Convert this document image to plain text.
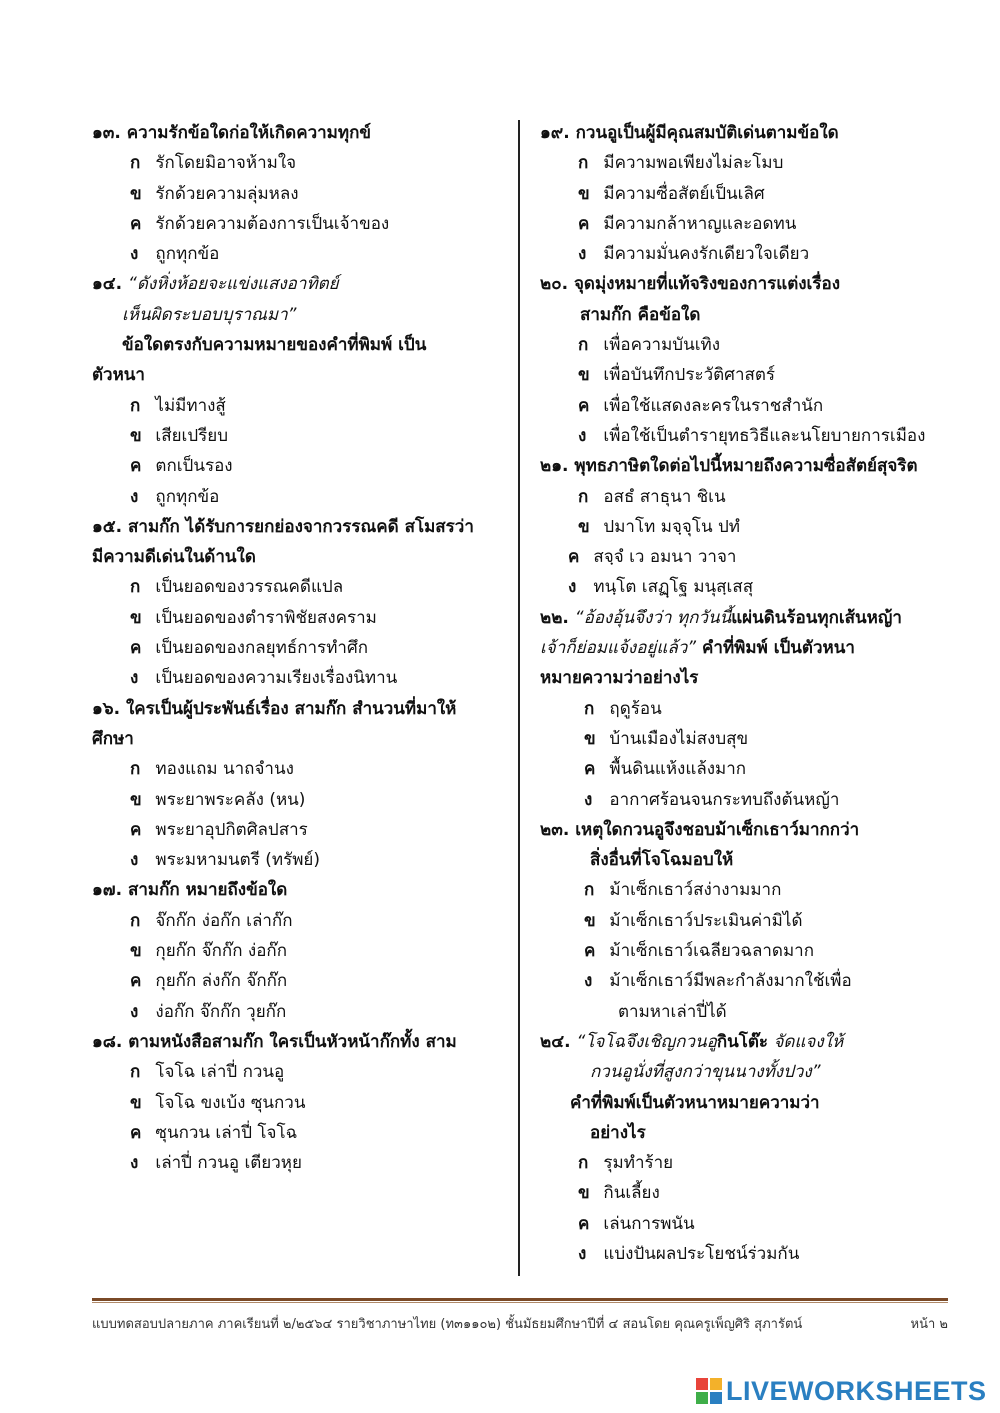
๑๓. ความรักข้อใดก่อให้เกิดความทุกข์
ก รักโดยมิอาจห้ามใจ
ข รักด้วยความลุ่มหลง
ค รักด้วยความต้องการเป็นเจ้าของ
ง ถูกทุกข้อ
๑๔. “ดังหิ่งห้อยจะแข่งแสงอาทิตย์
เห็นผิดระบอบบุราณมา”
ข้อใดตรงกับความหมายของคำที่พิมพ์ เป็น
ตัวหนา
ก ไม่มีทางสู้
ข เสียเปรียบ
ค ตกเป็นรอง
ง ถูกทุกข้อ
๑๕. สามก๊ก ได้รับการยกย่องจากวรรณคดี สโมสรว่า
มีความดีเด่นในด้านใด
ก เป็นยอดของวรรณคดีแปล
ข เป็นยอดของตำราพิชัยสงคราม
ค เป็นยอดของกลยุทธ์การทำศึก
ง เป็นยอดของความเรียงเรื่องนิทาน
๑๖. ใครเป็นผู้ประพันธ์เรื่อง สามก๊ก สำนวนที่มาให้
ศึกษา
ก ทองแถม นาถจำนง
ข พระยาพระคลัง (หน)
ค พระยาอุปกิตศิลปสาร
ง พระมหามนตรี (ทรัพย์)
๑๗. สามก๊ก หมายถึงข้อใด
ก จ๊กก๊ก ง่อก๊ก เล่าก๊ก
ข กุยก๊ก จ๊กก๊ก ง่อก๊ก
ค กุยก๊ก ล่งก๊ก จ๊กก๊ก
ง ง่อก๊ก จ๊กก๊ก วุยก๊ก
๑๘. ตามหนังสือสามก๊ก ใครเป็นหัวหน้าก๊กทั้ง สาม
ก โจโฉ เล่าปี่ กวนอู
ข โจโฉ ขงเบ้ง ซุนกวน
ค ซุนกวน เล่าปี่ โจโฉ
ง เล่าปี่ กวนอู เตียวหุย
๑๙. กวนอูเป็นผู้มีคุณสมบัติเด่นตามข้อใด
ก มีความพอเพียงไม่ละโมบ
ข มีความซื่อสัตย์เป็นเลิศ
ค มีความกล้าหาญและอดทน
ง มีความมั่นคงรักเดียวใจเดียว
๒๐. จุดมุ่งหมายที่แท้จริงของการแต่งเรื่อง
สามก๊ก คือข้อใด
ก เพื่อความบันเทิง
ข เพื่อบันทึกประวัติศาสตร์
ค เพื่อใช้แสดงละครในราชสำนัก
ง เพื่อใช้เป็นตำรายุทธวิธีและนโยบายการเมือง
๒๑. พุทธภาษิตใดต่อไปนี้หมายถึงความซื่อสัตย์สุจริต
ก อสธํ สาธุนา ชิเน
ข ปมาโท มจฺจุโน ปทํ
ค สจฺจํ เว อมนา วาจา
ง ทนฺโต เสฏฺโฐ มนุสฺเสสุ
๒๒. “อ้องอุ้นจึงว่า ทุกวันนี้แผ่นดินร้อนทุกเส้นหญ้า
เจ้าก็ย่อมแจ้งอยู่แล้ว” คำที่พิมพ์ เป็นตัวหนา
หมายความว่าอย่างไร
ก ฤดูร้อน
ข บ้านเมืองไม่สงบสุข
ค พื้นดินแห้งแล้งมาก
ง อากาศร้อนจนกระทบถึงต้นหญ้า
๒๓. เหตุใดกวนอูจึงชอบม้าเซ็กเธาว์มากกว่า
สิ่งอื่นที่โจโฉมอบให้
ก ม้าเซ็กเธาว์สง่างามมาก
ข ม้าเซ็กเธาว์ประเมินค่ามิได้
ค ม้าเซ็กเธาว์เฉลียวฉลาดมาก
ง ม้าเซ็กเธาว์มีพละกำลังมากใช้เพื่อ
ตามหาเล่าปี่ได้
๒๔. “โจโฉจึงเชิญกวนอูกินโต๊ะ จัดแจงให้
กวนอูนั่งที่สูงกว่าขุนนางทั้งปวง”
คำที่พิมพ์เป็นตัวหนาหมายความว่า
อย่างไร
ก รุมทำร้าย
ข กินเลี้ยง
ค เล่นการพนัน
ง แบ่งปันผลประโยชน์ร่วมกัน
แบบทดสอบปลายภาค ภาคเรียนที่ ๒/๒๕๖๔ รายวิชาภาษาไทย (ท๓๑๑๐๒) ชั้นมัธยมศึกษาปีที่ ๔ สอนโดย คุณครูเพ็ญศิริ สุภารัตน์	หน้า ๒
LIVEWORKSHEETS
